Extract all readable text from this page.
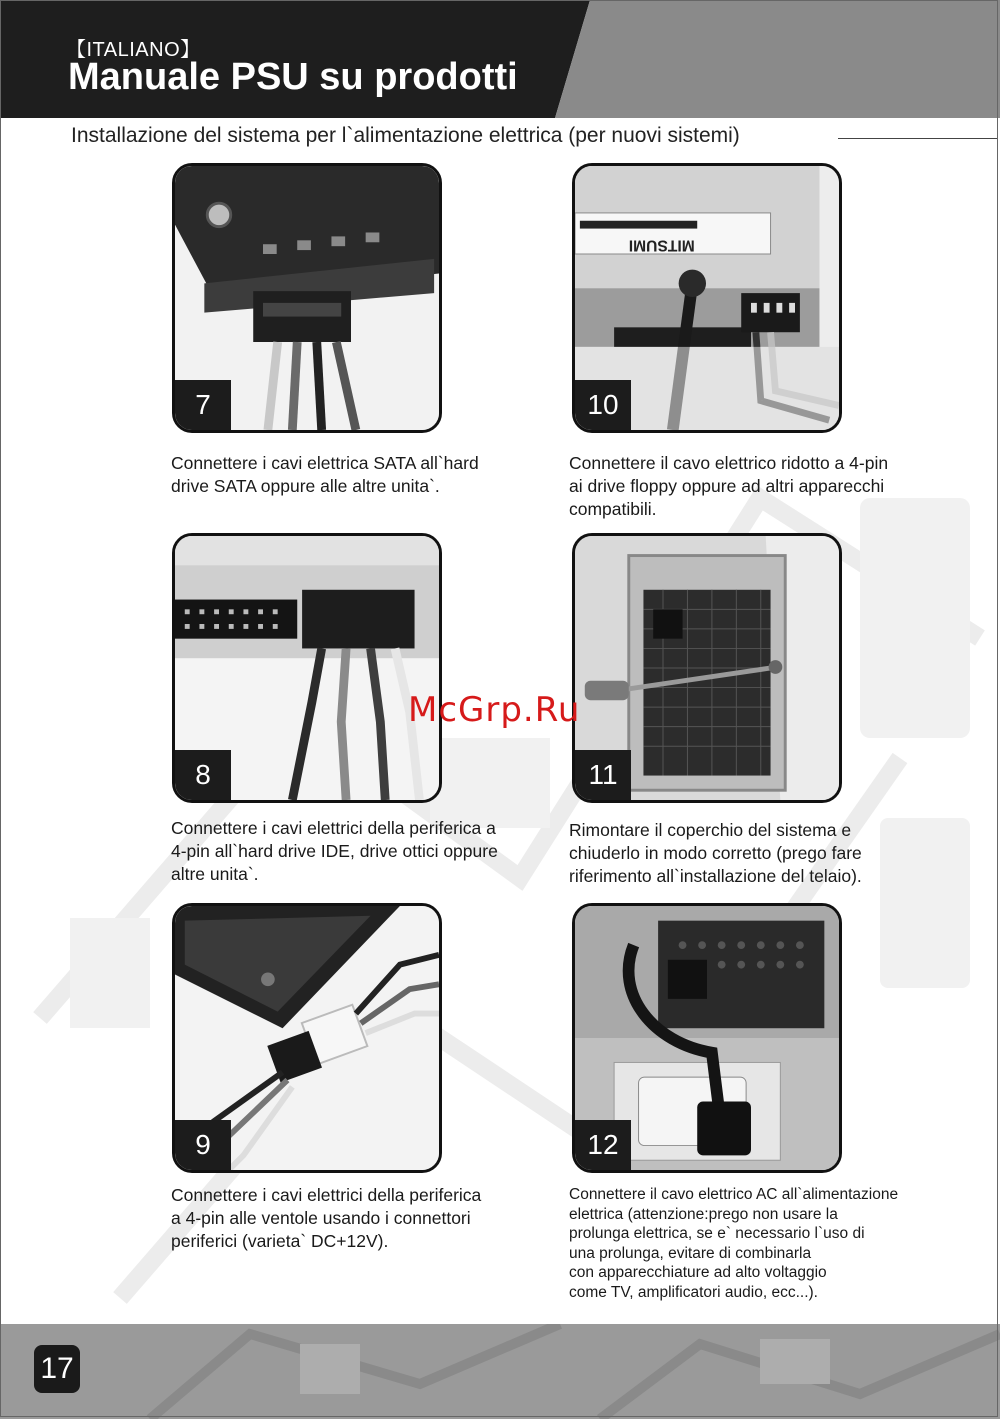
【ITALIANO】
Manuale PSU su prodotti
Installazione del sistema per l`alimentazione elettrica (per nuovi sistemi)
7
Connettere i cavi elettrica SATA all`hard
drive SATA oppure alle altre unita`.
MITSUMI
10
Connettere il cavo elettrico ridotto a 4-pin
ai drive floppy oppure ad altri apparecchi
compatibili.
8
Connettere i cavi elettrici della periferica a
4-pin all`hard drive IDE, drive ottici oppure
altre unita`.
11
Rimontare il coperchio del sistema e
chiuderlo in modo corretto (prego fare
riferimento all`installazione del telaio).
9
Connettere i cavi elettrici della periferica
a 4-pin alle ventole usando i connettori
periferici (varieta` DC+12V).
12
Connettere il cavo elettrico AC all`alimentazione
elettrica (attenzione:prego non usare la
prolunga elettrica, se e` necessario l`uso di
una prolunga, evitare di combinarla
con apparecchiature ad alto voltaggio
come TV, amplificatori audio, ecc...).
McGrp.Ru
17
